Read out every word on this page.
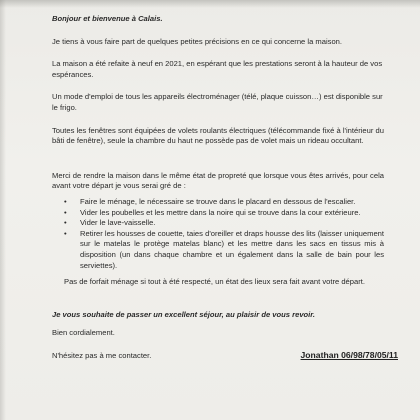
Bonjour et bienvenue à Calais.

Je tiens à vous faire part de quelques petites précisions en ce qui concerne la maison.

La maison a été refaite à neuf en 2021, en espérant que les prestations seront à la hauteur de vos espérances.

Un mode d'emploi de tous les appareils électroménager (télé, plaque cuisson…) est disponible sur le frigo.

Toutes les fenêtres sont équipées de volets roulants électriques (télécommande fixé à l'intérieur du bâti de fenêtre), seule la chambre du haut ne possède pas de volet mais un rideau occultant.

Merci de rendre la maison dans le même état de propreté que lorsque vous êtes arrivés, pour cela avant votre départ je vous serai gré de :

• Faire le ménage, le nécessaire se trouve dans le placard en dessous de l'escalier.
• Vider les poubelles et les mettre dans la noire qui se trouve dans la cour extérieure.
• Vider le lave-vaisselle.
• Retirer les housses de couette, taies d'oreiller et draps housse des lits (laisser uniquement sur le matelas le protège matelas blanc) et les mettre dans les sacs en tissus mis à disposition (un dans chaque chambre et un également dans la salle de bain pour les serviettes).

Pas de forfait ménage si tout à été respecté, un état des lieux sera fait avant votre départ.

Je vous souhaite de passer un excellent séjour, au plaisir de vous revoir.

Bien cordialement.

N'hésitez pas à me contacter.	Jonathan 06/98/78/05/11
